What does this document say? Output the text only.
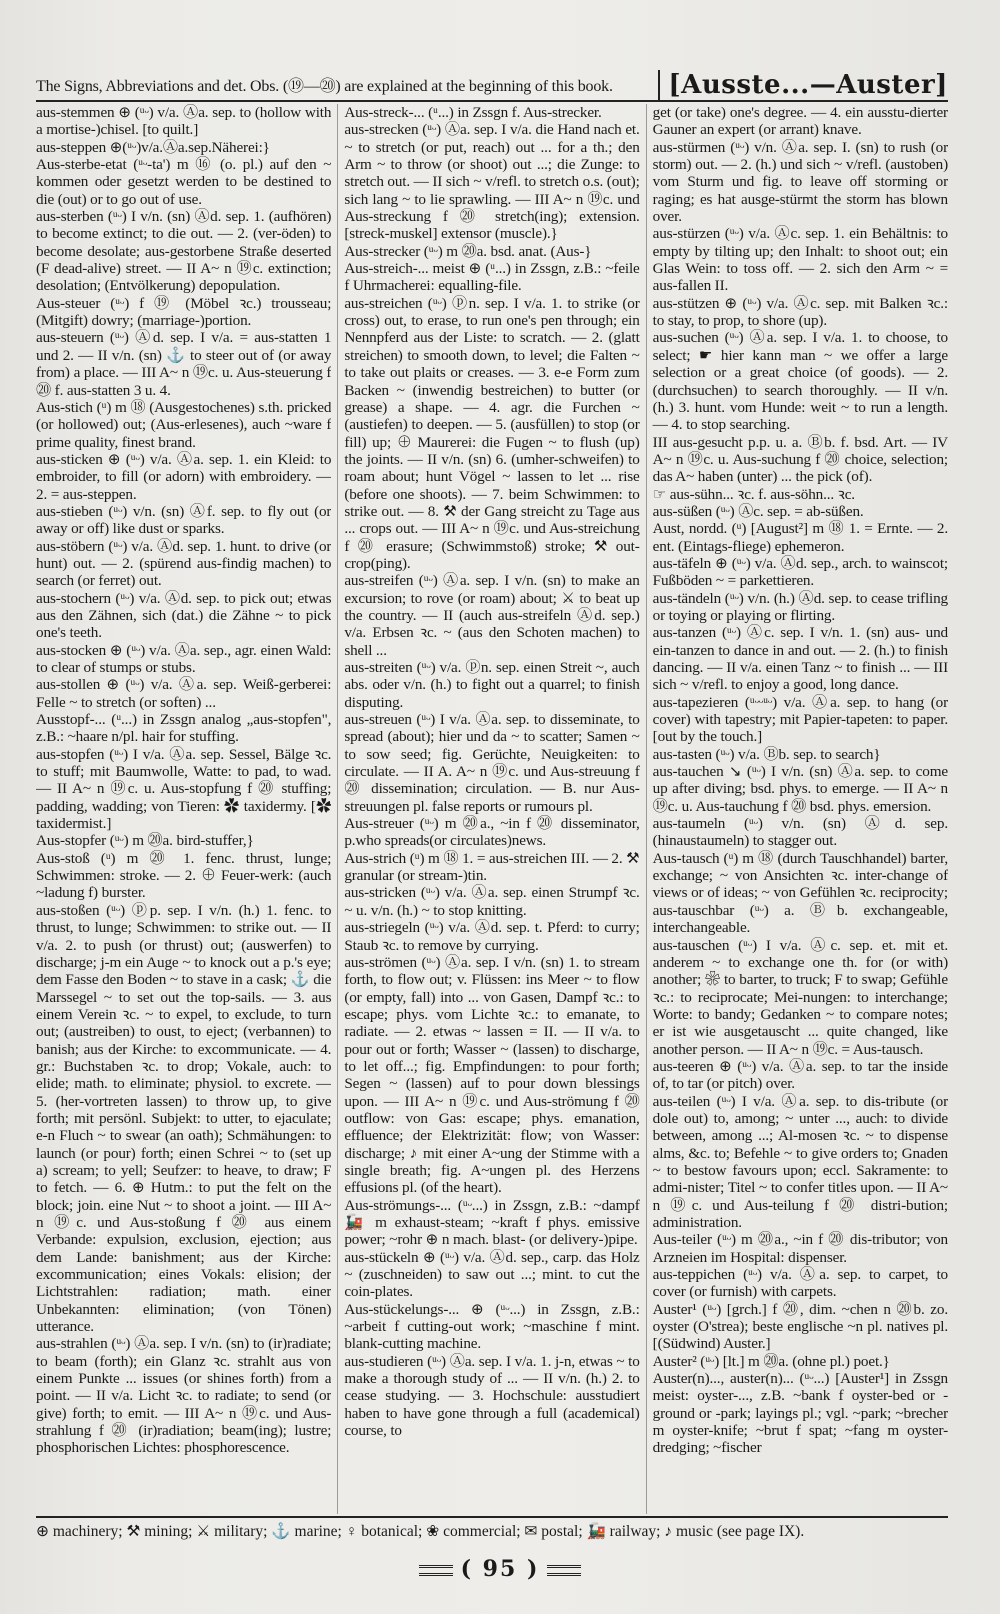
The Signs, Abbreviations and det. Obs. (⑲—⑳) are explained at the beginning of this book.	[Ausste...—Auster]

aus-stemmen ⊕ (ᵘᵕ) v/a. Ⓐa. sep. to (hollow with a mortise-)chisel. [to quilt.]

aus-steppen ⊕(ᵘᵕ)v/a.Ⓐa.sep.Näherei:}

Aus-sterbe-etat (ᵘᵕ-ta') m ⑯ (o. pl.) auf den ~ kommen oder gesetzt werden to be destined to die (out) or to go out of use.

aus-sterben (ᵘᵕ) I v/n. (sn) Ⓐd. sep. 1. (aufhören) to become extinct; to die out. — 2. (ver-öden) to become desolate; aus-gestorbene Straße deserted (F dead-alive) street. — II A~ n ⑲c. extinction; desolation; (Entvölkerung) depopulation.

Aus-steuer (ᵘᵕ) f ⑲ (Möbel ꝛc.) trousseau; (Mitgift) dowry; (marriage-)portion.

aus-steuern (ᵘᵕ) Ⓐd. sep. I v/a. = aus-statten 1 und 2. — II v/n. (sn) ⚓ to steer out of (or away from) a place. — III A~ n ⑲c. u. Aus-steuerung f ⑳ f. aus-statten 3 u. 4.

Aus-stich (ᵘ) m ⑱ (Ausgestochenes) s.th. pricked (or hollowed) out; (Aus-erlesenes), auch ~ware f prime quality, finest brand.

aus-sticken ⊕ (ᵘᵕ) v/a. Ⓐa. sep. 1. ein Kleid: to embroider, to fill (or adorn) with embroidery. — 2. = aus-steppen.

aus-stieben (ᵘᵕ) v/n. (sn) Ⓐf. sep. to fly out (or away or off) like dust or sparks.

aus-stöbern (ᵘᵕ) v/a. Ⓐd. sep. 1. hunt. to drive (or hunt) out. — 2. (spürend aus-findig machen) to search (or ferret) out.

aus-stochern (ᵘᵕ) v/a. Ⓐd. sep. to pick out; etwas aus den Zähnen, sich (dat.) die Zähne ~ to pick one's teeth.

aus-stocken ⊕ (ᵘᵕ) v/a. Ⓐa. sep., agr. einen Wald: to clear of stumps or stubs.

aus-stollen ⊕ (ᵘᵕ) v/a. Ⓐa. sep. Weiß-gerberei: Felle ~ to stretch (or soften) ...

Ausstopf-... (ᵘ...) in Zssgn analog „aus-stopfen", z.B.: ~haare n/pl. hair for stuffing.

aus-stopfen (ᵘᵕ) I v/a. Ⓐa. sep. Sessel, Bälge ꝛc. to stuff; mit Baumwolle, Watte: to pad, to wad. — II A~ n ⑲c. u. Aus-stopfung f ⑳ stuffing; padding, wadding; von Tieren: ✿ taxidermy. [✿ taxidermist.]

Aus-stopfer (ᵘᵕ) m ⑳a. bird-stuffer,}

Aus-stoß (ᵘ) m ⑳ 1. fenc. thrust, lunge; Schwimmen: stroke. — 2. ⊕ Feuer-werk: (auch ~ladung f) burster.

aus-stoßen (ᵘᵕ) ⓟp. sep. I v/n. (h.) 1. fenc. to thrust, to lunge; Schwimmen: to strike out. — II v/a. 2. to push (or thrust) out; (auswerfen) to discharge; j-m ein Auge ~ to knock out a p.'s eye; dem Fasse den Boden ~ to stave in a cask; ⚓ die Marssegel ~ to set out the top-sails. — 3. aus einem Verein ꝛc. ~ to expel, to exclude, to turn out; (austreiben) to oust, to eject; (verbannen) to banish; aus der Kirche: to excommunicate. — 4. gr.: Buchstaben ꝛc. to drop; Vokale, auch: to elide; math. to eliminate; physiol. to excrete. — 5. (her-vortreten lassen) to throw up, to give forth; mit persönl. Subjekt: to utter, to ejaculate; e-n Fluch ~ to swear (an oath); Schmähungen: to launch (or pour) forth; einen Schrei ~ to (set up a) scream; to yell; Seufzer: to heave, to draw; F to fetch. — 6. ⊕ Hutm.: to put the felt on the block; join. eine Nut ~ to shoot a joint. — III A~ n ⑲c. und Aus-stoßung f ⑳ aus einem Verbande: expulsion, exclusion, ejection; aus dem Lande: banishment; aus der Kirche: excommunication; eines Vokals: elision; der Lichtstrahlen: radiation; math. einer Unbekannten: elimination; (von Tönen) utterance.

aus-strahlen (ᵘᵕ) Ⓐa. sep. I v/n. (sn) to (ir)radiate; to beam (forth); ein Glanz ꝛc. strahlt aus von einem Punkte ... issues (or shines forth) from a point. — II v/a. Licht ꝛc. to radiate; to send (or give) forth; to emit. — III A~ n ⑲c. und Aus-strahlung f ⑳ (ir)radiation; beam(ing); lustre; phosphorischen Lichtes: phosphorescence.

Aus-streck-... (ᵘ...) in Zssgn f. Aus-strecker.

aus-strecken (ᵘᵕ) Ⓐa. sep. I v/a. die Hand nach et. ~ to stretch (or put, reach) out ... for a th.; den Arm ~ to throw (or shoot) out ...; die Zunge: to stretch out. — II sich ~ v/refl. to stretch o.s. (out); sich lang ~ to lie sprawling. — III A~ n ⑲c. und Aus-streckung f ⑳ stretch(ing); extension. [streck-muskel] extensor (muscle).}

Aus-strecker (ᵘᵕ) m ⑳a. bsd. anat. (Aus-}

Aus-streich-... meist ⊕ (ᵘ...) in Zssgn, z.B.: ~feile f Uhrmacherei: equalling-file.

aus-streichen (ᵘᵕ) ⓟn. sep. I v/a. 1. to strike (or cross) out, to erase, to run one's pen through; ein Nennpferd aus der Liste: to scratch. — 2. (glatt streichen) to smooth down, to level; die Falten ~ to take out plaits or creases. — 3. e-e Form zum Backen ~ (inwendig bestreichen) to butter (or grease) a shape. — 4. agr. die Furchen ~ (austiefen) to deepen. — 5. (ausfüllen) to stop (or fill) up; ⊕ Maurerei: die Fugen ~ to flush (up) the joints. — II v/n. (sn) 6. (umher-schweifen) to roam about; hunt Vögel ~ lassen to let ... rise (before one shoots). — 7. beim Schwimmen: to strike out. — 8. ⚒ der Gang streicht zu Tage aus ... crops out. — III A~ n ⑲c. und Aus-streichung f ⑳ erasure; (Schwimmstoß) stroke; ⚒ out-crop(ping).

aus-streifen (ᵘᵕ) Ⓐa. sep. I v/n. (sn) to make an excursion; to rove (or roam) about; ⚔ to beat up the country. — II (auch aus-streifeln Ⓐd. sep.) v/a. Erbsen ꝛc. ~ (aus den Schoten machen) to shell ...

aus-streiten (ᵘᵕ) v/a. ⓟn. sep. einen Streit ~, auch abs. oder v/n. (h.) to fight out a quarrel; to finish disputing.

aus-streuen (ᵘᵕ) I v/a. Ⓐa. sep. to disseminate, to spread (about); hier und da ~ to scatter; Samen ~ to sow seed; fig. Gerüchte, Neuigkeiten: to circulate. — II A. A~ n ⑲c. und Aus-streuung f ⑳ dissemination; circulation. — B. nur Aus-streuungen pl. false reports or rumours pl.

Aus-streuer (ᵘᵕ) m ⑳a., ~in f ⑳ disseminator, p.who spreads(or circulates)news.

Aus-strich (ᵘ) m ⑱ 1. = aus-streichen III. — 2. ⚒ granular (or stream-)tin.

aus-stricken (ᵘᵕ) v/a. Ⓐa. sep. einen Strumpf ꝛc. ~ u. v/n. (h.) ~ to stop knitting.

aus-striegeln (ᵘᵕ) v/a. Ⓐd. sep. t. Pferd: to curry; Staub ꝛc. to remove by currying.

aus-strömen (ᵘᵕ) Ⓐa. sep. I v/n. (sn) 1. to stream forth, to flow out; v. Flüssen: ins Meer ~ to flow (or empty, fall) into ... von Gasen, Dampf ꝛc.: to escape; phys. vom Lichte ꝛc.: to emanate, to radiate. — 2. etwas ~ lassen = II. — II v/a. to pour out or forth; Wasser ~ (lassen) to discharge, to let off...; fig. Empfindungen: to pour forth; Segen ~ (lassen) auf to pour down blessings upon. — III A~ n ⑲c. und Aus-strömung f ⑳ outflow: von Gas: escape; phys. emanation, effluence; der Elektrizität: flow; von Wasser: discharge; ♪ mit einer A~ung der Stimme with a single breath; fig. A~ungen pl. des Herzens effusions pl. (of the heart).

Aus-strömungs-... (ᵘᵕ...) in Zssgn, z.B.: ~dampf 🚂 m exhaust-steam; ~kraft f phys. emissive power; ~rohr ⊕ n mach. blast- (or delivery-)pipe.

aus-stückeln ⊕ (ᵘᵕ) v/a. Ⓐd. sep., carp. das Holz ~ (zuschneiden) to saw out ...; mint. to cut the coin-plates.

Aus-stückelungs-... ⊕ (ᵘᵕ...) in Zssgn, z.B.: ~arbeit f cutting-out work; ~maschine f mint. blank-cutting machine.

aus-studieren (ᵘᵕ) Ⓐa. sep. I v/a. 1. j-n, etwas ~ to make a thorough study of ... — II v/n. (h.) 2. to cease studying. — 3. Hochschule: ausstudiert haben to have gone through a full (academical) course, to

get (or take) one's degree. — 4. ein ausstu-dierter Gauner an expert (or arrant) knave.

aus-stürmen (ᵘᵕ) v/n. Ⓐa. sep. I. (sn) to rush (or storm) out. — 2. (h.) und sich ~ v/refl. (austoben) vom Sturm und fig. to leave off storming or raging; es hat ausge-stürmt the storm has blown over.

aus-stürzen (ᵘᵕ) v/a. Ⓐc. sep. 1. ein Behältnis: to empty by tilting up; den Inhalt: to shoot out; ein Glas Wein: to toss off. — 2. sich den Arm ~ = aus-fallen II.

aus-stützen ⊕ (ᵘᵕ) v/a. Ⓐc. sep. mit Balken ꝛc.: to stay, to prop, to shore (up).

aus-suchen (ᵘᵕ) Ⓐa. sep. I v/a. 1. to choose, to select; ☛ hier kann man ~ we offer a large selection or a great choice (of goods). — 2. (durchsuchen) to search thoroughly. — II v/n. (h.) 3. hunt. vom Hunde: weit ~ to run a length. — 4. to stop searching.

III aus-gesucht p.p. u. a. Ⓑb. f. bsd. Art. — IV A~ n ⑲c. u. Aus-suchung f ⑳ choice, selection; das A~ haben (unter) ... the pick (of).

☞ aus-sühn... ꝛc. f. aus-söhn... ꝛc.

aus-süßen (ᵘᵕ) Ⓐc. sep. = ab-süßen.

Aust, nordd. (ᵘ) [August²] m ⑱ 1. = Ernte. — 2. ent. (Eintags-fliege) ephemeron.

aus-täfeln ⊕ (ᵘᵕ) v/a. Ⓐd. sep., arch. to wainscot; Fußböden ~ = parkettieren.

aus-tändeln (ᵘᵕ) v/n. (h.) Ⓐd. sep. to cease trifling or toying or playing or flirting.

aus-tanzen (ᵘᵕ) Ⓐc. sep. I v/n. 1. (sn) aus- und ein-tanzen to dance in and out. — 2. (h.) to finish dancing. — II v/a. einen Tanz ~ to finish ... — III sich ~ v/refl. to enjoy a good, long dance.

aus-tapezieren (ᵘᵕᵕᵘᵕ) v/a. Ⓐa. sep. to hang (or cover) with tapestry; mit Papier-tapeten: to paper. [out by the touch.]

aus-tasten (ᵘᵕ) v/a. Ⓑb. sep. to search}

aus-tauchen ↘ (ᵘᵕ) I v/n. (sn) Ⓐa. sep. to come up after diving; bsd. phys. to emerge. — II A~ n ⑲c. u. Aus-tauchung f ⑳ bsd. phys. emersion.

aus-taumeln (ᵘᵕ) v/n. (sn) Ⓐd. sep. (hinaustaumeln) to stagger out.

Aus-tausch (ᵘ) m ⑱ (durch Tauschhandel) barter, exchange; ~ von Ansichten ꝛc. inter-change of views or of ideas; ~ von Gefühlen ꝛc. reciprocity; aus-tauschbar (ᵘᵕ) a. Ⓑb. exchangeable, interchangeable.

aus-tauschen (ᵘᵕ) I v/a. Ⓐc. sep. et. mit et. anderem ~ to exchange one th. for (or with) another; ❀ to barter, to truck; F to swap; Gefühle ꝛc.: to reciprocate; Mei-nungen: to interchange; Worte: to bandy; Gedanken ~ to compare notes; er ist wie ausgetauscht ... quite changed, like another person. — II A~ n ⑲c. = Aus-tausch.

aus-teeren ⊕ (ᵘᵕ) v/a. Ⓐa. sep. to tar the inside of, to tar (or pitch) over.

aus-teilen (ᵘᵕ) I v/a. Ⓐa. sep. to dis-tribute (or dole out) to, among; ~ unter ..., auch: to divide between, among ...; Al-mosen ꝛc. ~ to dispense alms, &c. to; Befehle ~ to give orders to; Gnaden ~ to bestow favours upon; eccl. Sakramente: to admi-nister; Titel ~ to confer titles upon. — II A~ n ⑲c. und Aus-teilung f ⑳ distri-bution; administration.

Aus-teiler (ᵘᵕ) m ⑳a., ~in f ⑳ dis-tributor; von Arzneien im Hospital: dispenser.

aus-teppichen (ᵘᵕ) v/a. Ⓐa. sep. to carpet, to cover (or furnish) with carpets.

Auster¹ (ᵘᵕ) [grch.] f ⑳, dim. ~chen n ⑳b. zo. oyster (O'strea); beste englische ~n pl. natives pl. [(Südwind) Auster.]

Auster² (ᵘᵕ) [lt.] m ⑳a. (ohne pl.) poet.}

Auster(n)..., auster(n)... (ᵘᵕ...) [Auster¹] in Zssgn meist: oyster-..., z.B. ~bank f oyster-bed or -ground or -park; layings pl.; vgl. ~park; ~brecher m oyster-knife; ~brut f spat; ~fang m oyster-dredging; ~fischer

⊕ machinery; ⚒ mining; ⚔ military; ⚓ marine; ♀ botanical; ❀ commercial; ✉ postal; 🚂 railway; ♪ music (see page IX).
( 95 )
